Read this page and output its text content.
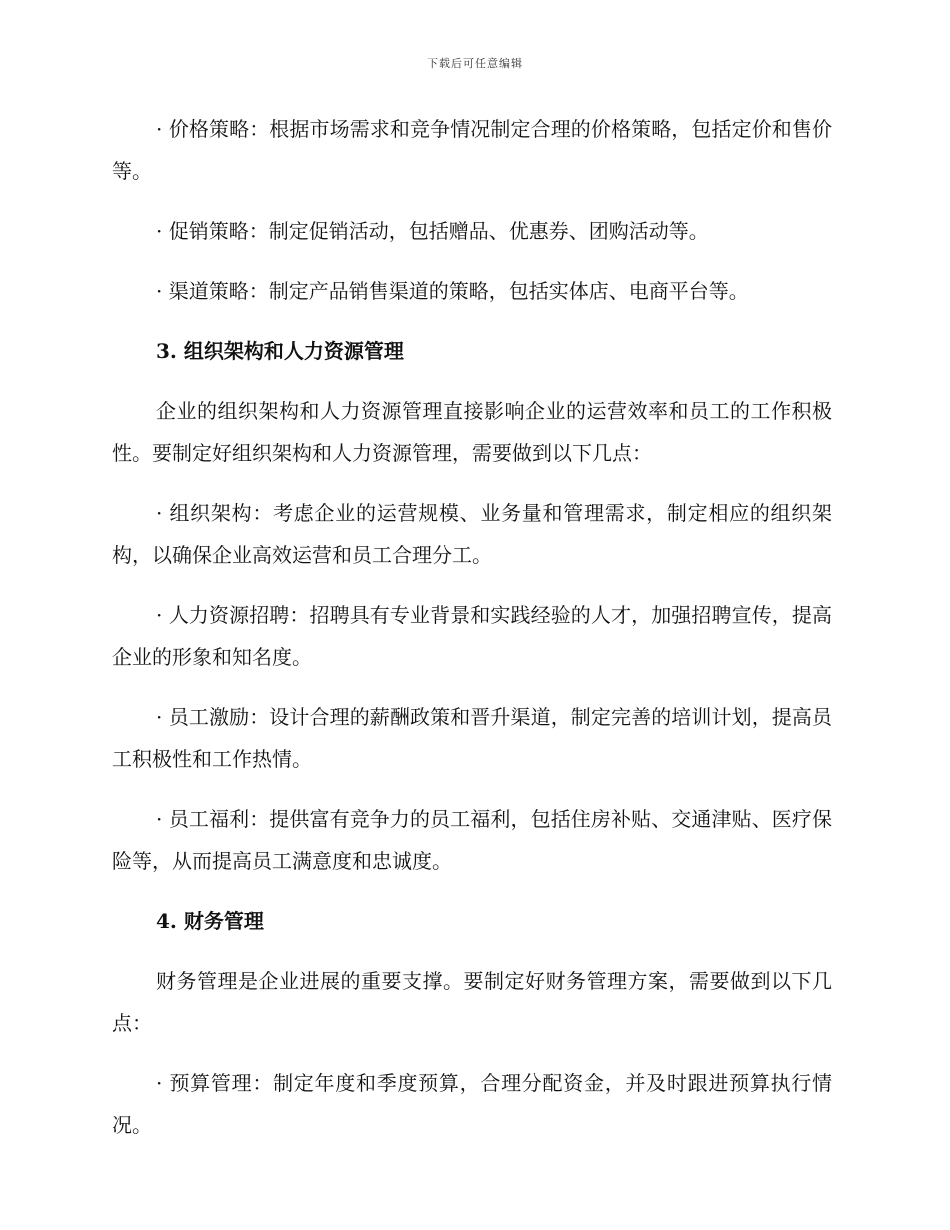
下载后可任意编辑

· 价格策略：根据市场需求和竞争情况制定合理的价格策略，包括定价和售价等。

· 促销策略：制定促销活动，包括赠品、优惠券、团购活动等。

· 渠道策略：制定产品销售渠道的策略，包括实体店、电商平台等。

3. 组织架构和人力资源管理

企业的组织架构和人力资源管理直接影响企业的运营效率和员工的工作积极性。要制定好组织架构和人力资源管理，需要做到以下几点：

· 组织架构：考虑企业的运营规模、业务量和管理需求，制定相应的组织架构，以确保企业高效运营和员工合理分工。

· 人力资源招聘：招聘具有专业背景和实践经验的人才，加强招聘宣传，提高企业的形象和知名度。

· 员工激励：设计合理的薪酬政策和晋升渠道，制定完善的培训计划，提高员工积极性和工作热情。

· 员工福利：提供富有竞争力的员工福利，包括住房补贴、交通津贴、医疗保险等，从而提高员工满意度和忠诚度。

4. 财务管理

财务管理是企业进展的重要支撑。要制定好财务管理方案，需要做到以下几点：

· 预算管理：制定年度和季度预算，合理分配资金，并及时跟进预算执行情况。
